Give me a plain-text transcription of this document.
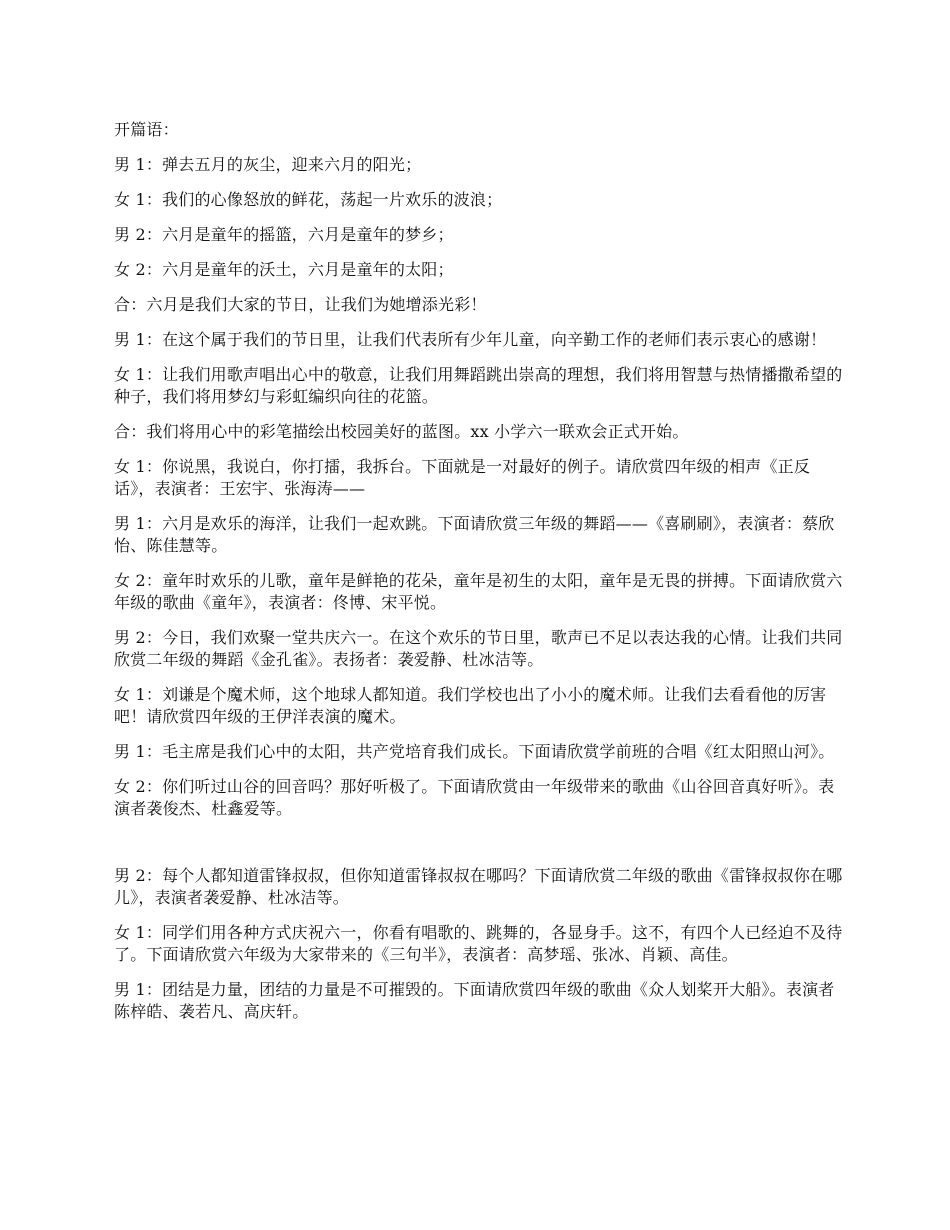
开篇语：

男 1：弹去五月的灰尘，迎来六月的阳光；

女 1：我们的心像怒放的鲜花，荡起一片欢乐的波浪；

男 2：六月是童年的摇篮，六月是童年的梦乡；

女 2：六月是童年的沃土，六月是童年的太阳；

合：六月是我们大家的节日，让我们为她增添光彩！

男 1：在这个属于我们的节日里，让我们代表所有少年儿童，向辛勤工作的老师们表示衷心的感谢！

女 1：让我们用歌声唱出心中的敬意，让我们用舞蹈跳出崇高的理想，我们将用智慧与热情播撒希望的种子，我们将用梦幻与彩虹编织向往的花篮。

合：我们将用心中的彩笔描绘出校园美好的蓝图。xx 小学六一联欢会正式开始。

女 1：你说黑，我说白，你打擂，我拆台。下面就是一对最好的例子。请欣赏四年级的相声《正反话》，表演者：王宏宇、张海涛——

男 1：六月是欢乐的海洋，让我们一起欢跳。下面请欣赏三年级的舞蹈——《喜刷刷》，表演者：蔡欣怡、陈佳慧等。

女 2：童年时欢乐的儿歌，童年是鲜艳的花朵，童年是初生的太阳，童年是无畏的拼搏。下面请欣赏六年级的歌曲《童年》，表演者：佟博、宋平悦。

男 2：今日，我们欢聚一堂共庆六一。在这个欢乐的节日里，歌声已不足以表达我的心情。让我们共同欣赏二年级的舞蹈《金孔雀》。表扬者：袭爱静、杜冰洁等。

女 1：刘谦是个魔术师，这个地球人都知道。我们学校也出了小小的魔术师。让我们去看看他的厉害吧！请欣赏四年级的王伊洋表演的魔术。

男 1：毛主席是我们心中的太阳，共产党培育我们成长。下面请欣赏学前班的合唱《红太阳照山河》。

女 2：你们听过山谷的回音吗？那好听极了。下面请欣赏由一年级带来的歌曲《山谷回音真好听》。表演者袭俊杰、杜鑫爱等。

男 2：每个人都知道雷锋叔叔，但你知道雷锋叔叔在哪吗？下面请欣赏二年级的歌曲《雷锋叔叔你在哪儿》，表演者袭爱静、杜冰洁等。

女 1：同学们用各种方式庆祝六一，你看有唱歌的、跳舞的，各显身手。这不，有四个人已经迫不及待了。下面请欣赏六年级为大家带来的《三句半》，表演者：高梦瑶、张冰、肖颖、高佳。

男 1：团结是力量，团结的力量是不可摧毁的。下面请欣赏四年级的歌曲《众人划桨开大船》。表演者陈梓皓、袭若凡、高庆轩。
